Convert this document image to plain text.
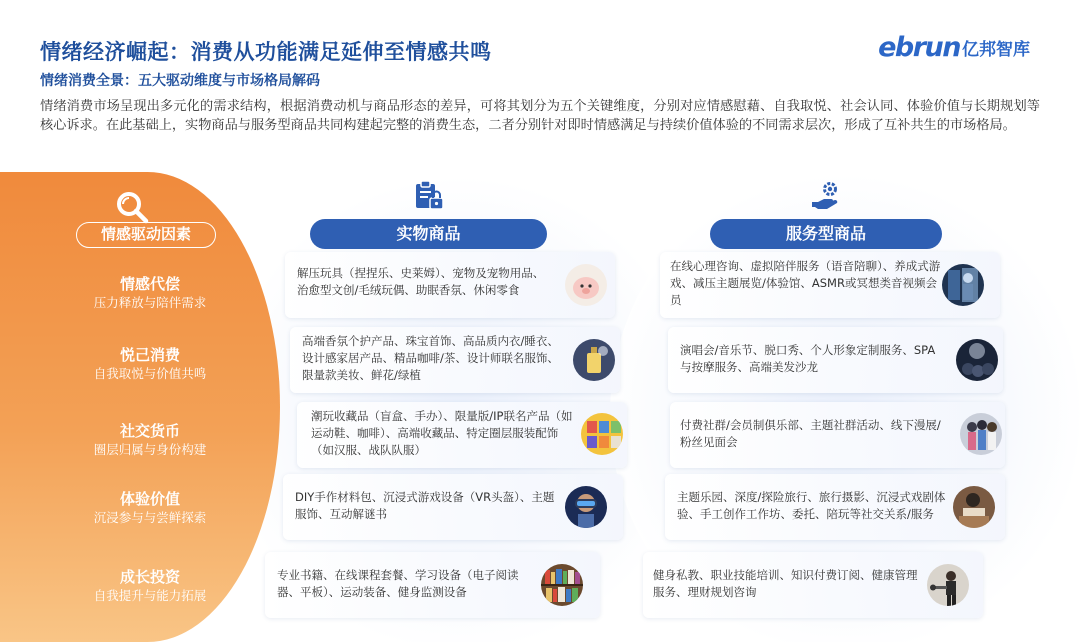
情绪经济崛起：消费从功能满足延伸至情感共鸣
情绪消费全景：五大驱动维度与市场格局解码
ebrun 亿邦智库
情绪消费市场呈现出多元化的需求结构，根据消费动机与商品形态的差异，可将其划分为五个关键维度，分别对应情感慰藉、自我取悦、社会认同、体验价值与长期规划等核心诉求。在此基础上，实物商品与服务型商品共同构建起完整的消费生态，二者分别针对即时情感满足与持续价值体验的不同需求层次，形成了互补共生的市场格局。
情感驱动因素
情感代偿
压力释放与陪伴需求
悦己消费
自我取悦与价值共鸣
社交货币
圈层归属与身份构建
体验价值
沉浸参与与尝鲜探索
成长投资
自我提升与能力拓展
实物商品	服务型商品
解压玩具（捏捏乐、史莱姆）、宠物及宠物用品、治愈型文创/毛绒玩偶、助眠香氛、休闲零食
高端香氛个护产品、珠宝首饰、高品质内衣/睡衣、设计感家居产品、精品咖啡/茶、设计师联名服饰、限量款美妆、鲜花/绿植
潮玩收藏品（盲盒、手办）、限量版/IP联名产品（如运动鞋、咖啡）、高端收藏品、特定圈层服装配饰（如汉服、战队队服）
DIY手作材料包、沉浸式游戏设备（VR头盔）、主题服饰、互动解谜书
专业书籍、在线课程套餐、学习设备（电子阅读器、平板）、运动装备、健身监测设备
在线心理咨询、虚拟陪伴服务（语音陪聊）、养成式游戏、减压主题展览/体验馆、ASMR或冥想类音视频会员
演唱会/音乐节、脱口秀、个人形象定制服务、SPA与按摩服务、高端美发沙龙
付费社群/会员制俱乐部、主题社群活动、线下漫展/粉丝见面会
主题乐园、深度/探险旅行、旅行摄影、沉浸式戏剧体验、手工创作工作坊、委托、陪玩等社交关系/服务
健身私教、职业技能培训、知识付费订阅、健康管理服务、理财规划咨询
